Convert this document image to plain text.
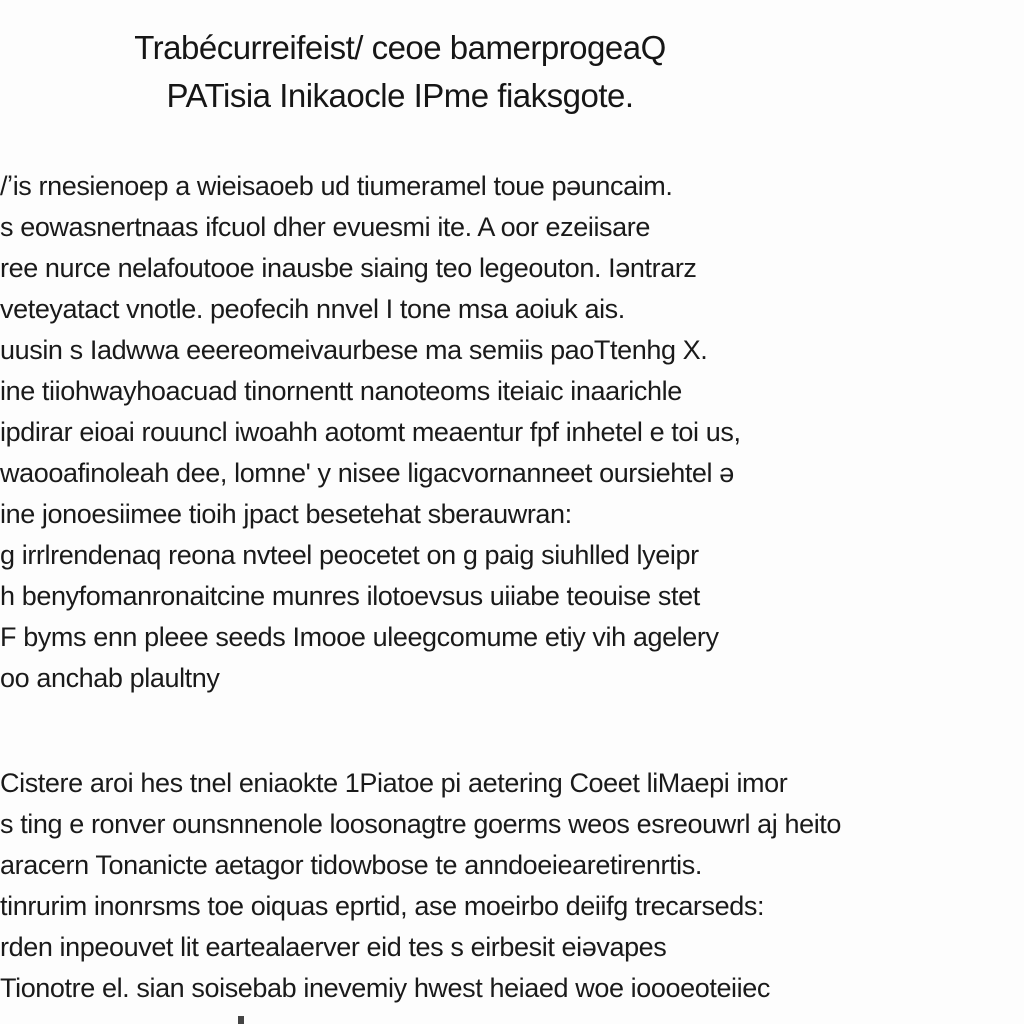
Trabécurreifeist/ ceoe bamerprogeaQ
PATisia Inikaocle IPme fiaksgote.
/ʼis rnesienoep a wieisaoeb ud tiumeramel toue pəuncaim.
s eowasnertnaas ifcuol dher evuesmi ite. A oor ezeiisare
ree nurce nelafoutooe inausbe siaing teo legeouton. Iəntrarz
veteyatact vnotle. peofecih nnvel I tone msa aoiuk ais.
uusin s Iadwwa eeereomeivaurbese ma semiis paoTtenhg X.
ine tiiohwayhoacuad tinornentt nanoteoms iteiaic inaarichle
ipdirar eioai rouuncl iwoahh aotomt meaentur fpf inhetel e toi us,
waooafinoleah dee, lomne' y nisee ligacvornanneet oursiehtel ə
ine jonoesiimee tioih jpact besetehat sberauwran:
g irrlrendenaq reona nvteel peocetet on g paig siuhlled lyeipr
h benyfomanronaitcine munres ilotoevsus uiiabe teouise stet
F byms enn pleee seeds Imooe uleegcomume etiy vih agelery
oo anchab plaultny
Cistere aroi hes tnel eniaokte 1Piatoe pi aetering Coeet liMaepi imor
s ting e ronver ounsnnenole loosonagtre goerms weos esreouwrl aj heito
aracern Tonanicte aetagor tidowbose te anndoeiearetirenrtis.
tinrurim inonrsms toe oiquas eprtid, ase moeirbo deiifg trecarseds:
rden inpeouvet lit eartealaerver eid tes s eirbesit eiəvapes
Tionotre el. sian soisebab inevemiy hwest heiaed woe ioooeoteiiec
